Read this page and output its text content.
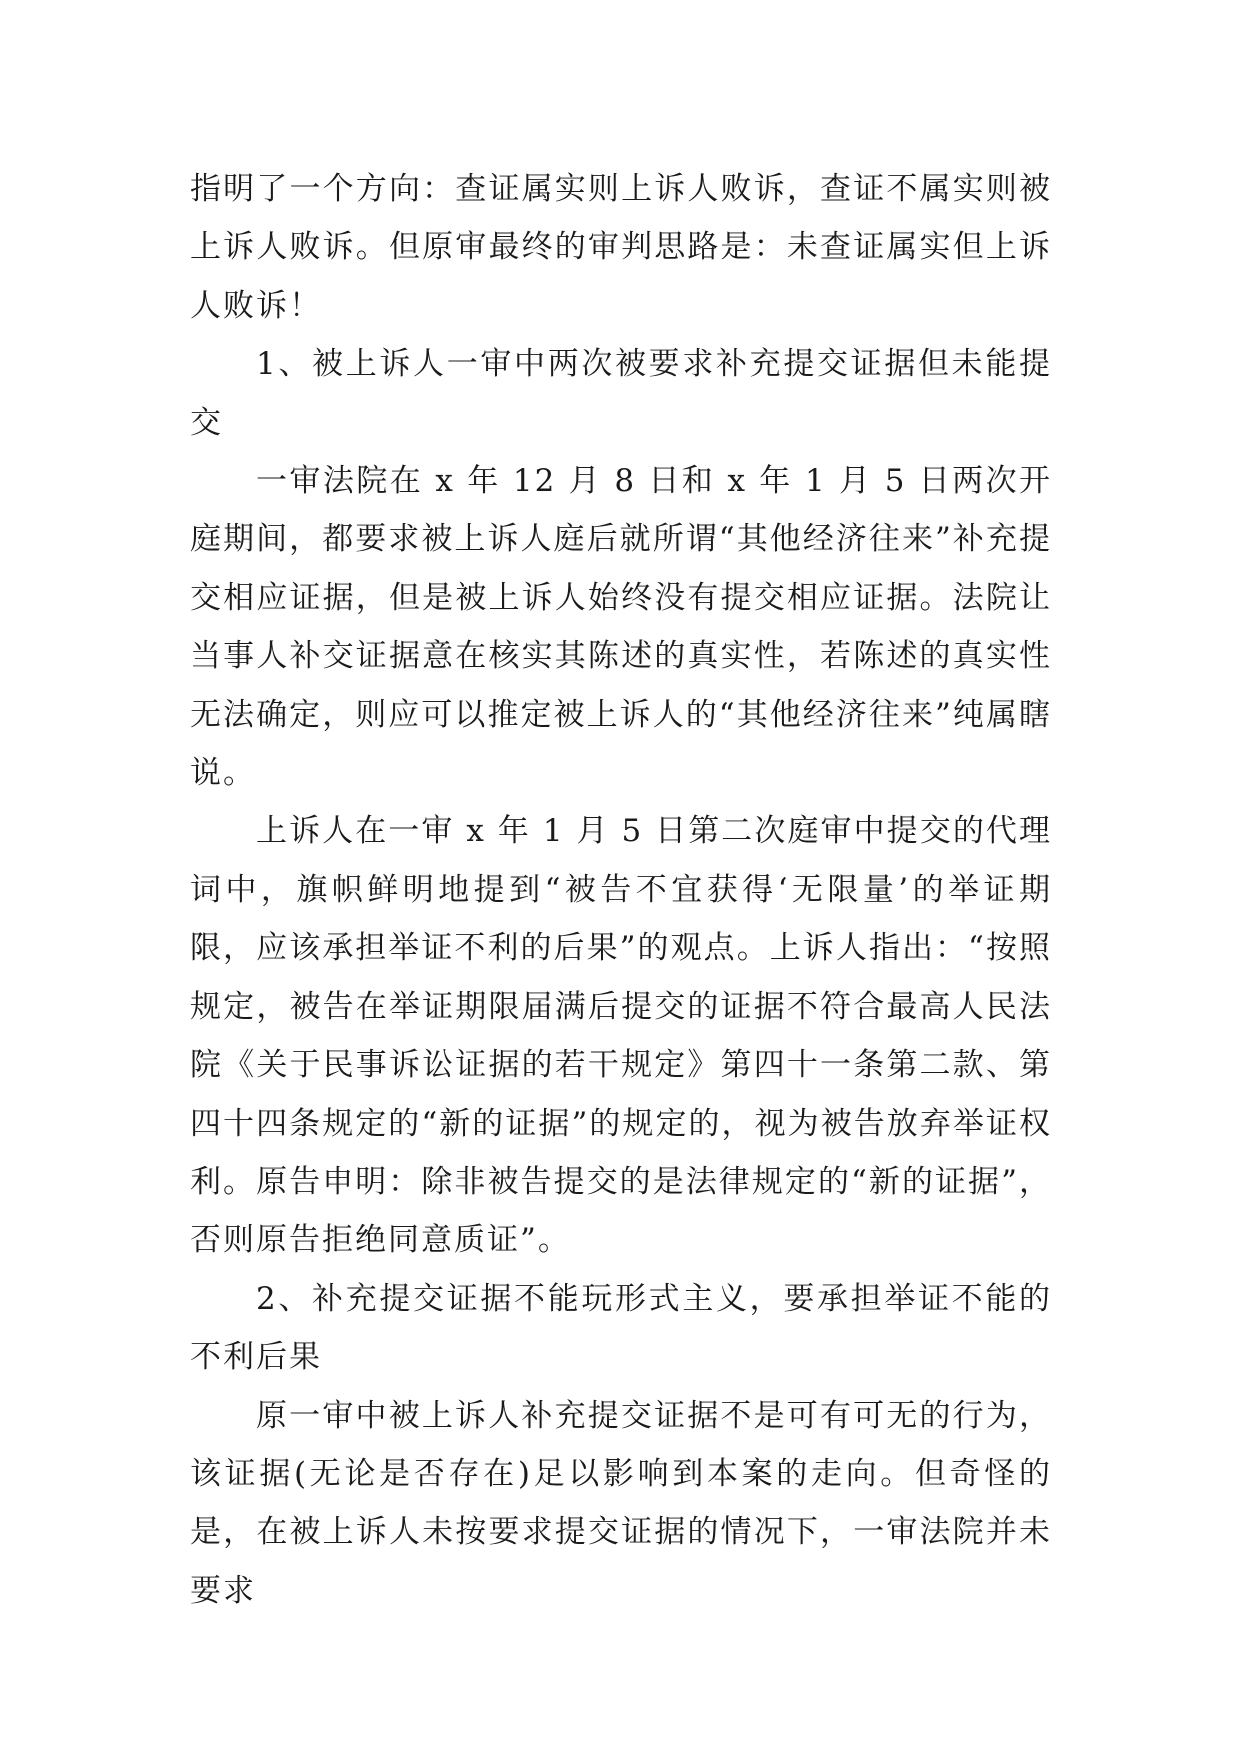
指明了一个方向：查证属实则上诉人败诉，查证不属实则被上诉人败诉。但原审最终的审判思路是：未查证属实但上诉人败诉！

1、被上诉人一审中两次被要求补充提交证据但未能提交

一审法院在 x 年 12 月 8 日和 x 年 1 月 5 日两次开庭期间，都要求被上诉人庭后就所谓“其他经济往来”补充提交相应证据，但是被上诉人始终没有提交相应证据。法院让当事人补交证据意在核实其陈述的真实性，若陈述的真实性无法确定，则应可以推定被上诉人的“其他经济往来”纯属瞎说。

上诉人在一审 x 年 1 月 5 日第二次庭审中提交的代理词中，旗帜鲜明地提到“被告不宜获得‘无限量’的举证期限，应该承担举证不利的后果”的观点。上诉人指出：“按照规定，被告在举证期限届满后提交的证据不符合最高人民法院《关于民事诉讼证据的若干规定》第四十一条第二款、第四十四条规定的“新的证据”的规定的，视为被告放弃举证权利。原告申明：除非被告提交的是法律规定的“新的证据”，否则原告拒绝同意质证”。

2、补充提交证据不能玩形式主义，要承担举证不能的不利后果

原一审中被上诉人补充提交证据不是可有可无的行为，该证据(无论是否存在)足以影响到本案的走向。但奇怪的是，在被上诉人未按要求提交证据的情况下，一审法院并未要求
